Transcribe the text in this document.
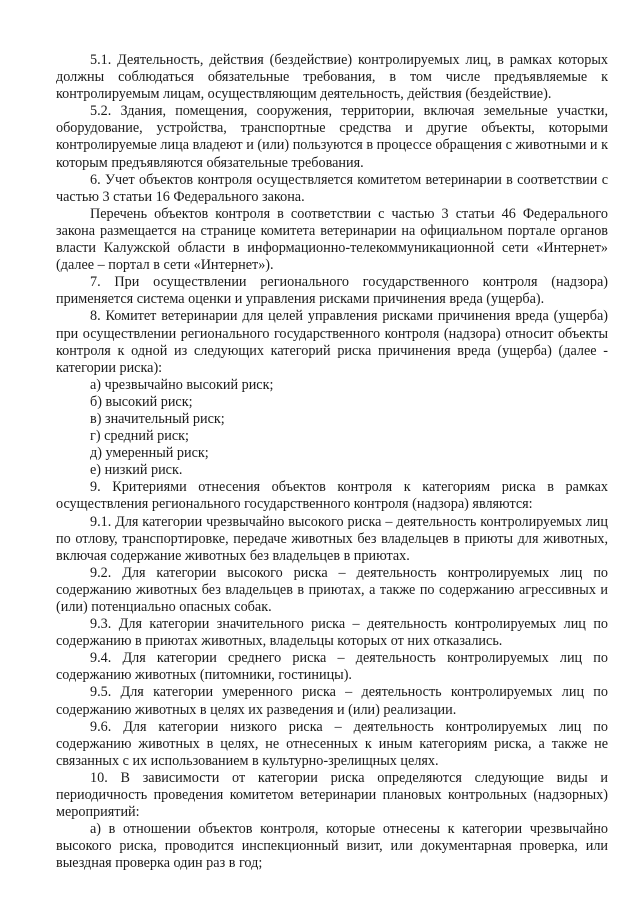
5.1. Деятельность, действия (бездействие) контролируемых лиц, в рамках которых должны соблюдаться обязательные требования, в том числе предъявляемые к контролируемым лицам, осуществляющим деятельность, действия (бездействие).

5.2. Здания, помещения, сооружения, территории, включая земельные участки, оборудование, устройства, транспортные средства и другие объекты, которыми контролируемые лица владеют и (или) пользуются в процессе обращения с животными и к которым предъявляются обязательные требования.

6. Учет объектов контроля осуществляется комитетом ветеринарии в соответствии с частью 3 статьи 16 Федерального закона.

Перечень объектов контроля в соответствии с частью 3 статьи 46 Федерального закона размещается на странице комитета ветеринарии на официальном портале органов власти Калужской области в информационно-телекоммуникационной сети «Интернет» (далее – портал в сети «Интернет»).

7. При осуществлении регионального государственного контроля (надзора) применяется система оценки и управления рисками причинения вреда (ущерба).

8. Комитет ветеринарии для целей управления рисками причинения вреда (ущерба) при осуществлении регионального государственного контроля (надзора) относит объекты контроля к одной из следующих категорий риска причинения вреда (ущерба) (далее - категории риска):

а) чрезвычайно высокий риск;

б) высокий риск;

в) значительный риск;

г) средний риск;

д) умеренный риск;

е) низкий риск.

9. Критериями отнесения объектов контроля к категориям риска в рамках осуществления регионального государственного контроля (надзора) являются:

9.1. Для категории чрезвычайно высокого риска – деятельность контролируемых лиц по отлову, транспортировке, передаче животных без владельцев в приюты для животных, включая содержание животных без владельцев в приютах.

9.2. Для категории высокого риска – деятельность контролируемых лиц по содержанию животных без владельцев в приютах, а также по содержанию агрессивных и (или) потенциально опасных собак.

9.3. Для категории значительного риска – деятельность контролируемых лиц по содержанию в приютах животных, владельцы которых от них отказались.

9.4. Для категории среднего риска – деятельность контролируемых лиц по содержанию животных (питомники, гостиницы).

9.5. Для категории умеренного риска – деятельность контролируемых лиц по содержанию животных в целях их разведения и (или) реализации.

9.6. Для категории низкого риска – деятельность контролируемых лиц по содержанию животных в целях, не отнесенных к иным категориям риска, а также не связанных с их использованием в культурно-зрелищных целях.

10. В зависимости от категории риска определяются следующие виды и периодичность проведения комитетом ветеринарии плановых контрольных (надзорных) мероприятий:

а) в отношении объектов контроля, которые отнесены к категории чрезвычайно высокого риска, проводится инспекционный визит, или документарная проверка, или выездная проверка один раз в год;
